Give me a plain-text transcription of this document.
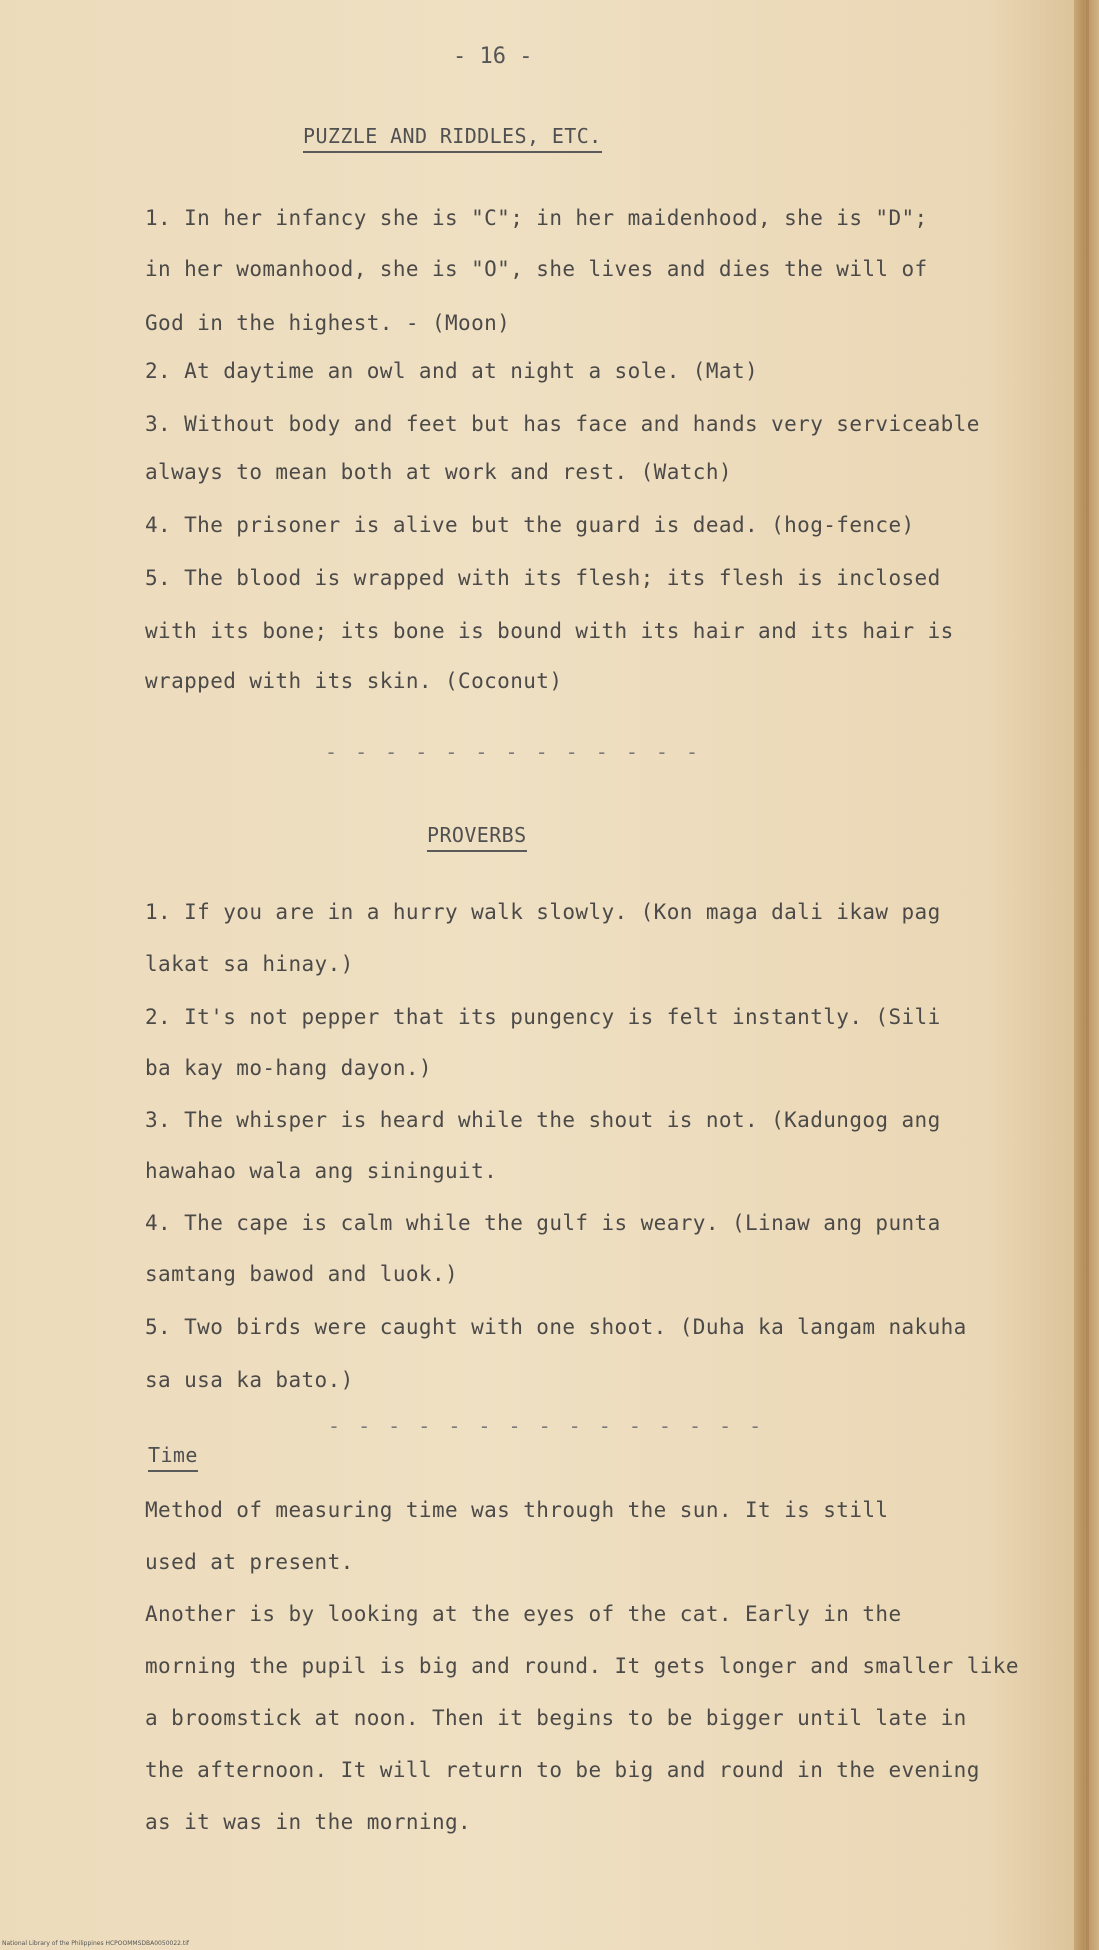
- 16 -
PUZZLE AND RIDDLES, ETC.
1. In her infancy she is "C"; in her maidenhood, she is "D";
in her womanhood, she is "O", she lives and dies the will of
God in the highest. - (Moon)
2. At daytime an owl and at night a sole. (Mat)
3. Without body and feet but has face and hands very serviceable
always to mean both at work and rest. (Watch)
4. The prisoner is alive but the guard is dead. (hog-fence)
5. The blood is wrapped with its flesh; its flesh is inclosed
with its bone; its bone is bound with its hair and its hair is
wrapped with its skin. (Coconut)
- - - - - - - - - - - - -
PROVERBS
1. If you are in a hurry walk slowly. (Kon maga dali ikaw pag
lakat sa hinay.)
2. It's not pepper that its pungency is felt instantly. (Sili
ba kay mo-hang dayon.)
3. The whisper is heard while the shout is not. (Kadungog ang
hawahao wala ang sininguit.
4. The cape is calm while the gulf is weary. (Linaw ang punta
samtang bawod and luok.)
5. Two birds were caught with one shoot. (Duha ka langam nakuha
sa usa ka bato.)
- - - - - - - - - - - - - - -
Time
Method of measuring time was through the sun. It is still
used at present.
Another is by looking at the eyes of the cat. Early in the
morning the pupil is big and round. It gets longer and smaller like
a broomstick at noon. Then it begins to be bigger until late in
the afternoon. It will return to be big and round in the evening
as it was in the morning.
National Library of the Philippines HCPOOMMSDBA0050022.tif
